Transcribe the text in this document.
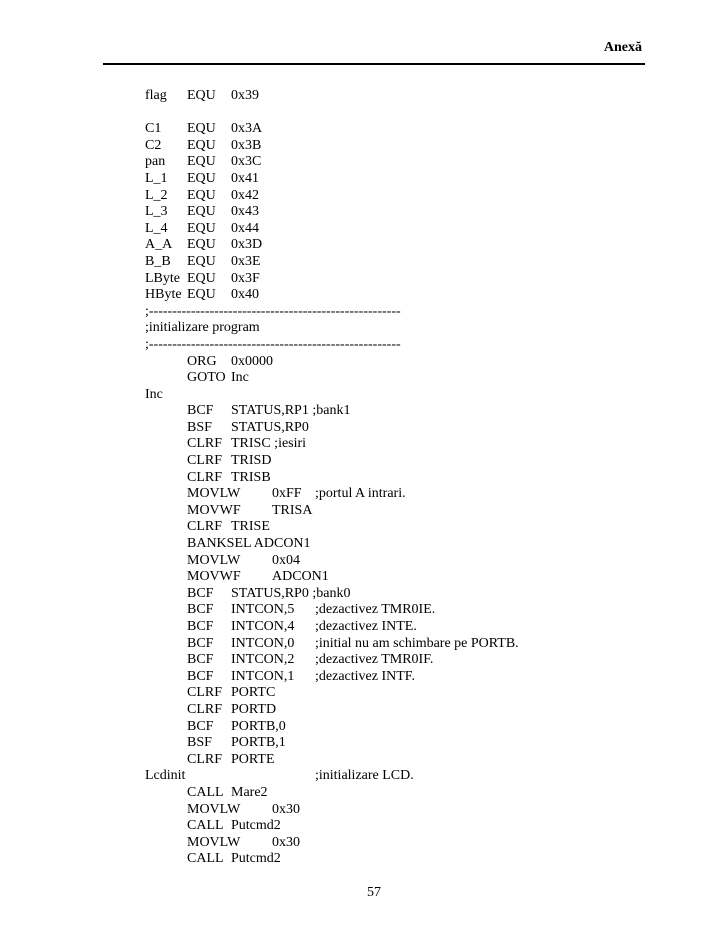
Anexă
flag EQU 0x39
C1 EQU 0x3A
C2 EQU 0x3B
pan EQU 0x3C
L_1 EQU 0x41
L_2 EQU 0x42
L_3 EQU 0x43
L_4 EQU 0x44
A_A EQU 0x3D
B_B EQU 0x3E
LByte EQU 0x3F
HByte EQU 0x40
;------------------------------------------------------
;initializare program
;------------------------------------------------------
ORG 0x0000
GOTO Inc
Inc
BCF STATUS,RP1 ;bank1
BSF STATUS,RP0
CLRF TRISC ;iesiri
CLRF TRISD
CLRF TRISB
MOVLW 0xFF ;portul A intrari.
MOVWF TRISA
CLRF TRISE
BANKSEL ADCON1
MOVLW 0x04
MOVWF ADCON1
BCF STATUS,RP0 ;bank0
BCF INTCON,5 ;dezactivez TMR0IE.
BCF INTCON,4 ;dezactivez INTE.
BCF INTCON,0 ;initial nu am schimbare pe PORTB.
BCF INTCON,2 ;dezactivez TMR0IF.
BCF INTCON,1 ;dezactivez INTF.
CLRF PORTC
CLRF PORTD
BCF PORTB,0
BSF PORTB,1
CLRF PORTE
Lcdinit	;initializare LCD.
CALL Mare2
MOVLW 0x30
CALL Putcmd2
MOVLW 0x30
CALL Putcmd2
57
